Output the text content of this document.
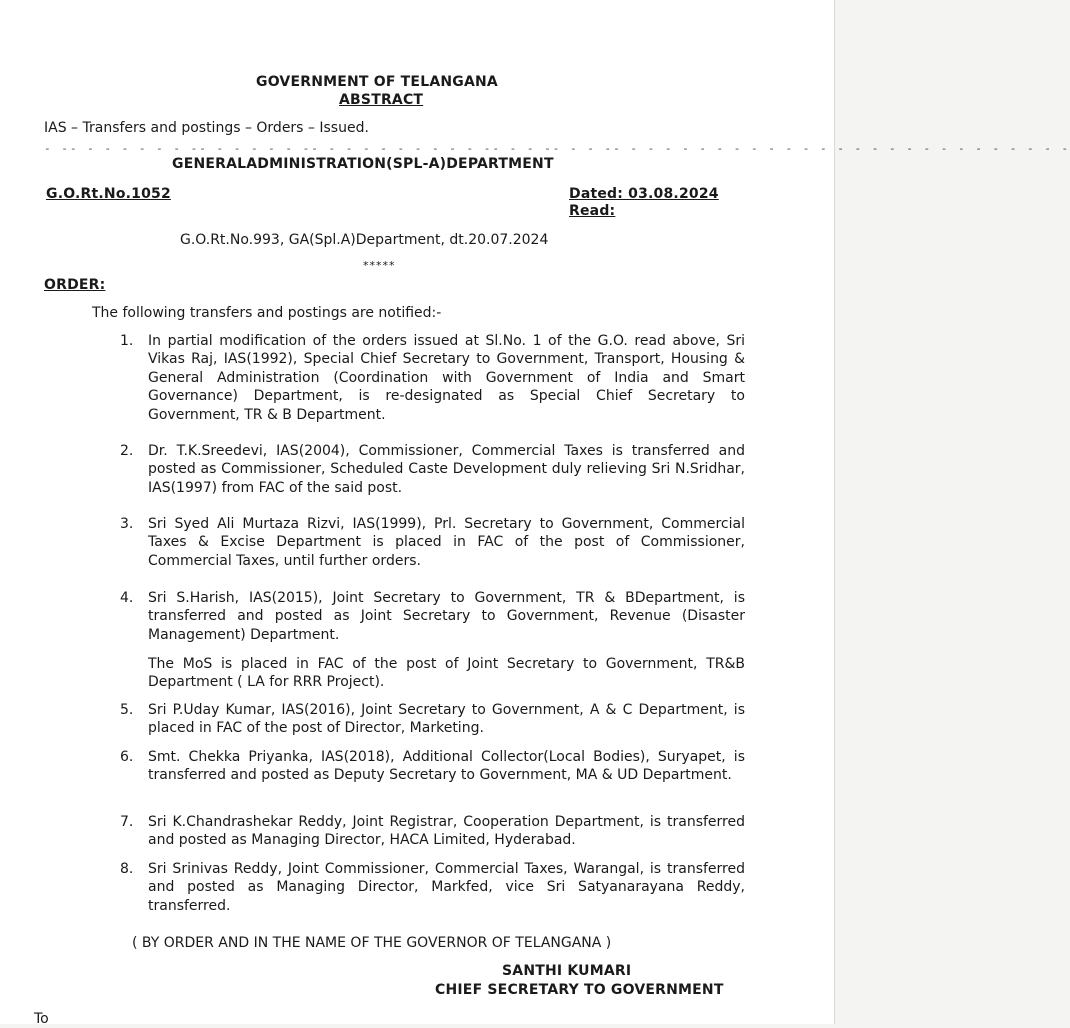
GOVERNMENT OF TELANGANA
ABSTRACT
IAS – Transfers and postings – Orders – Issued.
- -- - - - - - - -- - - - - - -- - - - - - - - - - -- - - -- - - -- - - - - - - - - - - - - - - - - - - - - - - - - - -
GENERALADMINISTRATION(SPL-A)DEPARTMENT
G.O.Rt.No.1052	Dated: 03.08.2024
Read:
G.O.Rt.No.993, GA(Spl.A)Department, dt.20.07.2024
*****
ORDER:
The following transfers and postings are notified:-
1.	In partial modification of the orders issued at Sl.No. 1 of the G.O. read above, Sri Vikas Raj, IAS(1992), Special Chief Secretary to Government, Transport, Housing & General Administration (Coordination with Government of India and Smart Governance) Department, is re-designated as Special Chief Secretary to Government, TR & B Department.
2.	Dr. T.K.Sreedevi, IAS(2004), Commissioner, Commercial Taxes is transferred and posted as Commissioner, Scheduled Caste Development duly relieving Sri N.Sridhar, IAS(1997) from FAC of the said post.
3.	Sri Syed Ali Murtaza Rizvi, IAS(1999), Prl. Secretary to Government, Commercial Taxes & Excise Department is placed in FAC of the post of Commissioner, Commercial Taxes, until further orders.
4.	Sri S.Harish, IAS(2015), Joint Secretary to Government, TR & BDepartment, is transferred and posted as Joint Secretary to Government, Revenue (Disaster Management) Department.
The MoS is placed in FAC of the post of Joint Secretary to Government, TR&B Department ( LA for RRR Project).
5.	Sri P.Uday Kumar, IAS(2016), Joint Secretary to Government, A & C Department, is placed in FAC of the post of Director, Marketing.
6.	Smt. Chekka Priyanka, IAS(2018), Additional Collector(Local Bodies), Suryapet, is transferred and posted as Deputy Secretary to Government, MA & UD Department.
7.	Sri K.Chandrashekar Reddy, Joint Registrar, Cooperation Department, is transferred and posted as Managing Director, HACA Limited, Hyderabad.
8.	Sri Srinivas Reddy, Joint Commissioner, Commercial Taxes, Warangal, is transferred and posted as Managing Director, Markfed, vice Sri Satyanarayana Reddy, transferred.
( BY ORDER AND IN THE NAME OF THE GOVERNOR OF TELANGANA )
SANTHI KUMARI
CHIEF SECRETARY TO GOVERNMENT
To
